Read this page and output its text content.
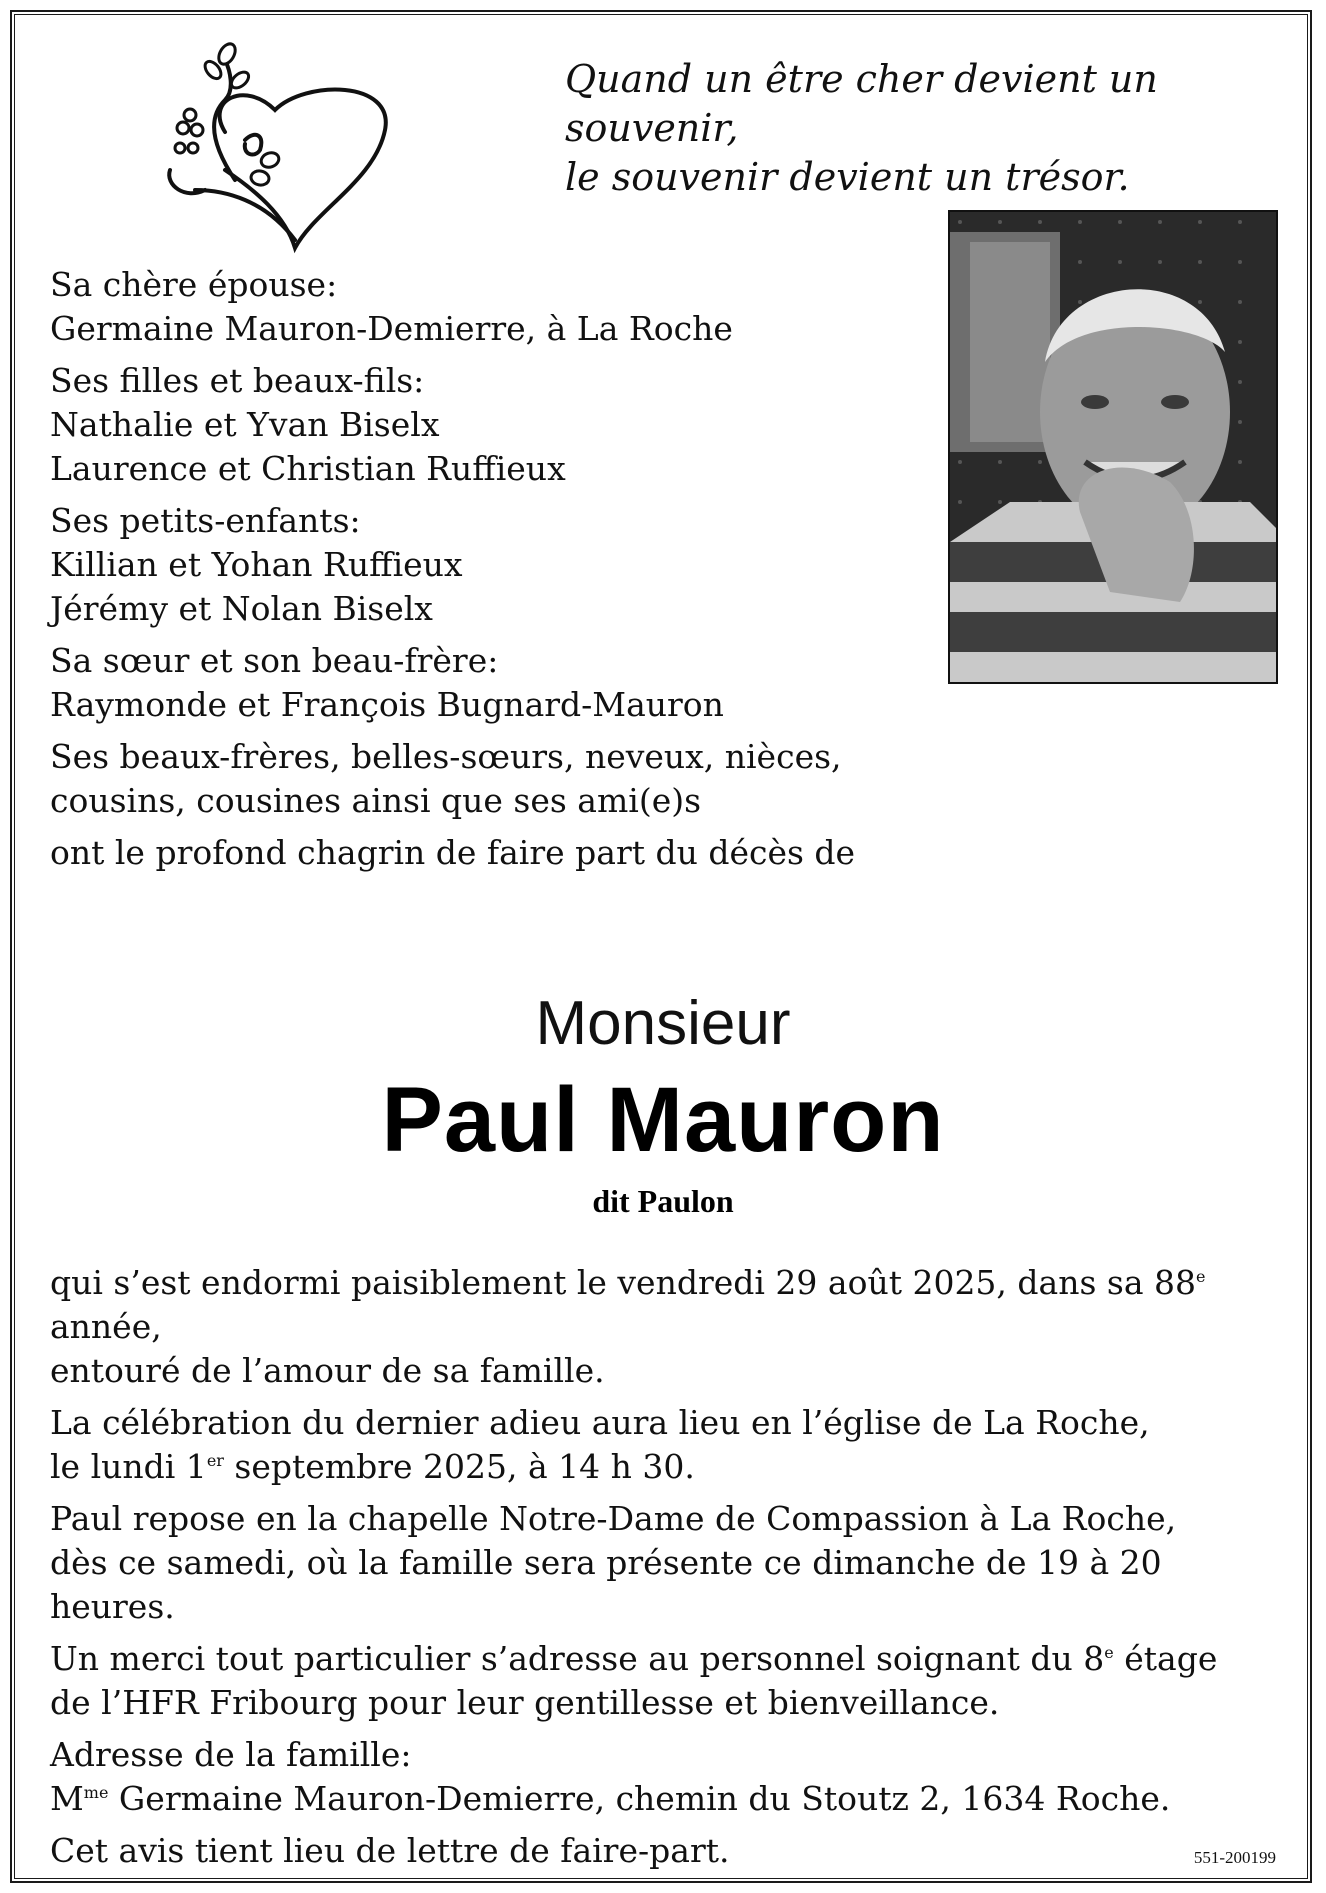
Quand un être cher devient un souvenir,
le souvenir devient un trésor.

Sa chère épouse:
Germaine Mauron-Demierre, à La Roche

Ses filles et beaux-fils:
Nathalie et Yvan Biselx
Laurence et Christian Ruffieux

Ses petits-enfants:
Killian et Yohan Ruffieux
Jérémy et Nolan Biselx

Sa sœur et son beau-frère:
Raymonde et François Bugnard-Mauron

Ses beaux-frères, belles-sœurs, neveux, nièces,
cousins, cousines ainsi que ses ami(e)s

ont le profond chagrin de faire part du décès de

Monsieur
Paul Mauron
dit Paulon

qui s’est endormi paisiblement le vendredi 29 août 2025, dans sa 88e année,
entouré de l’amour de sa famille.

La célébration du dernier adieu aura lieu en l’église de La Roche,
le lundi 1er septembre 2025, à 14 h 30.

Paul repose en la chapelle Notre-Dame de Compassion à La Roche,
dès ce samedi, où la famille sera présente ce dimanche de 19 à 20 heures.

Un merci tout particulier s’adresse au personnel soignant du 8e étage
de l’HFR Fribourg pour leur gentillesse et bienveillance.

Adresse de la famille:
$M^{me}$ Germaine Mauron-Demierre, chemin du Stoutz 2, 1634 Roche.

Cet avis tient lieu de lettre de faire-part.	551-200199
